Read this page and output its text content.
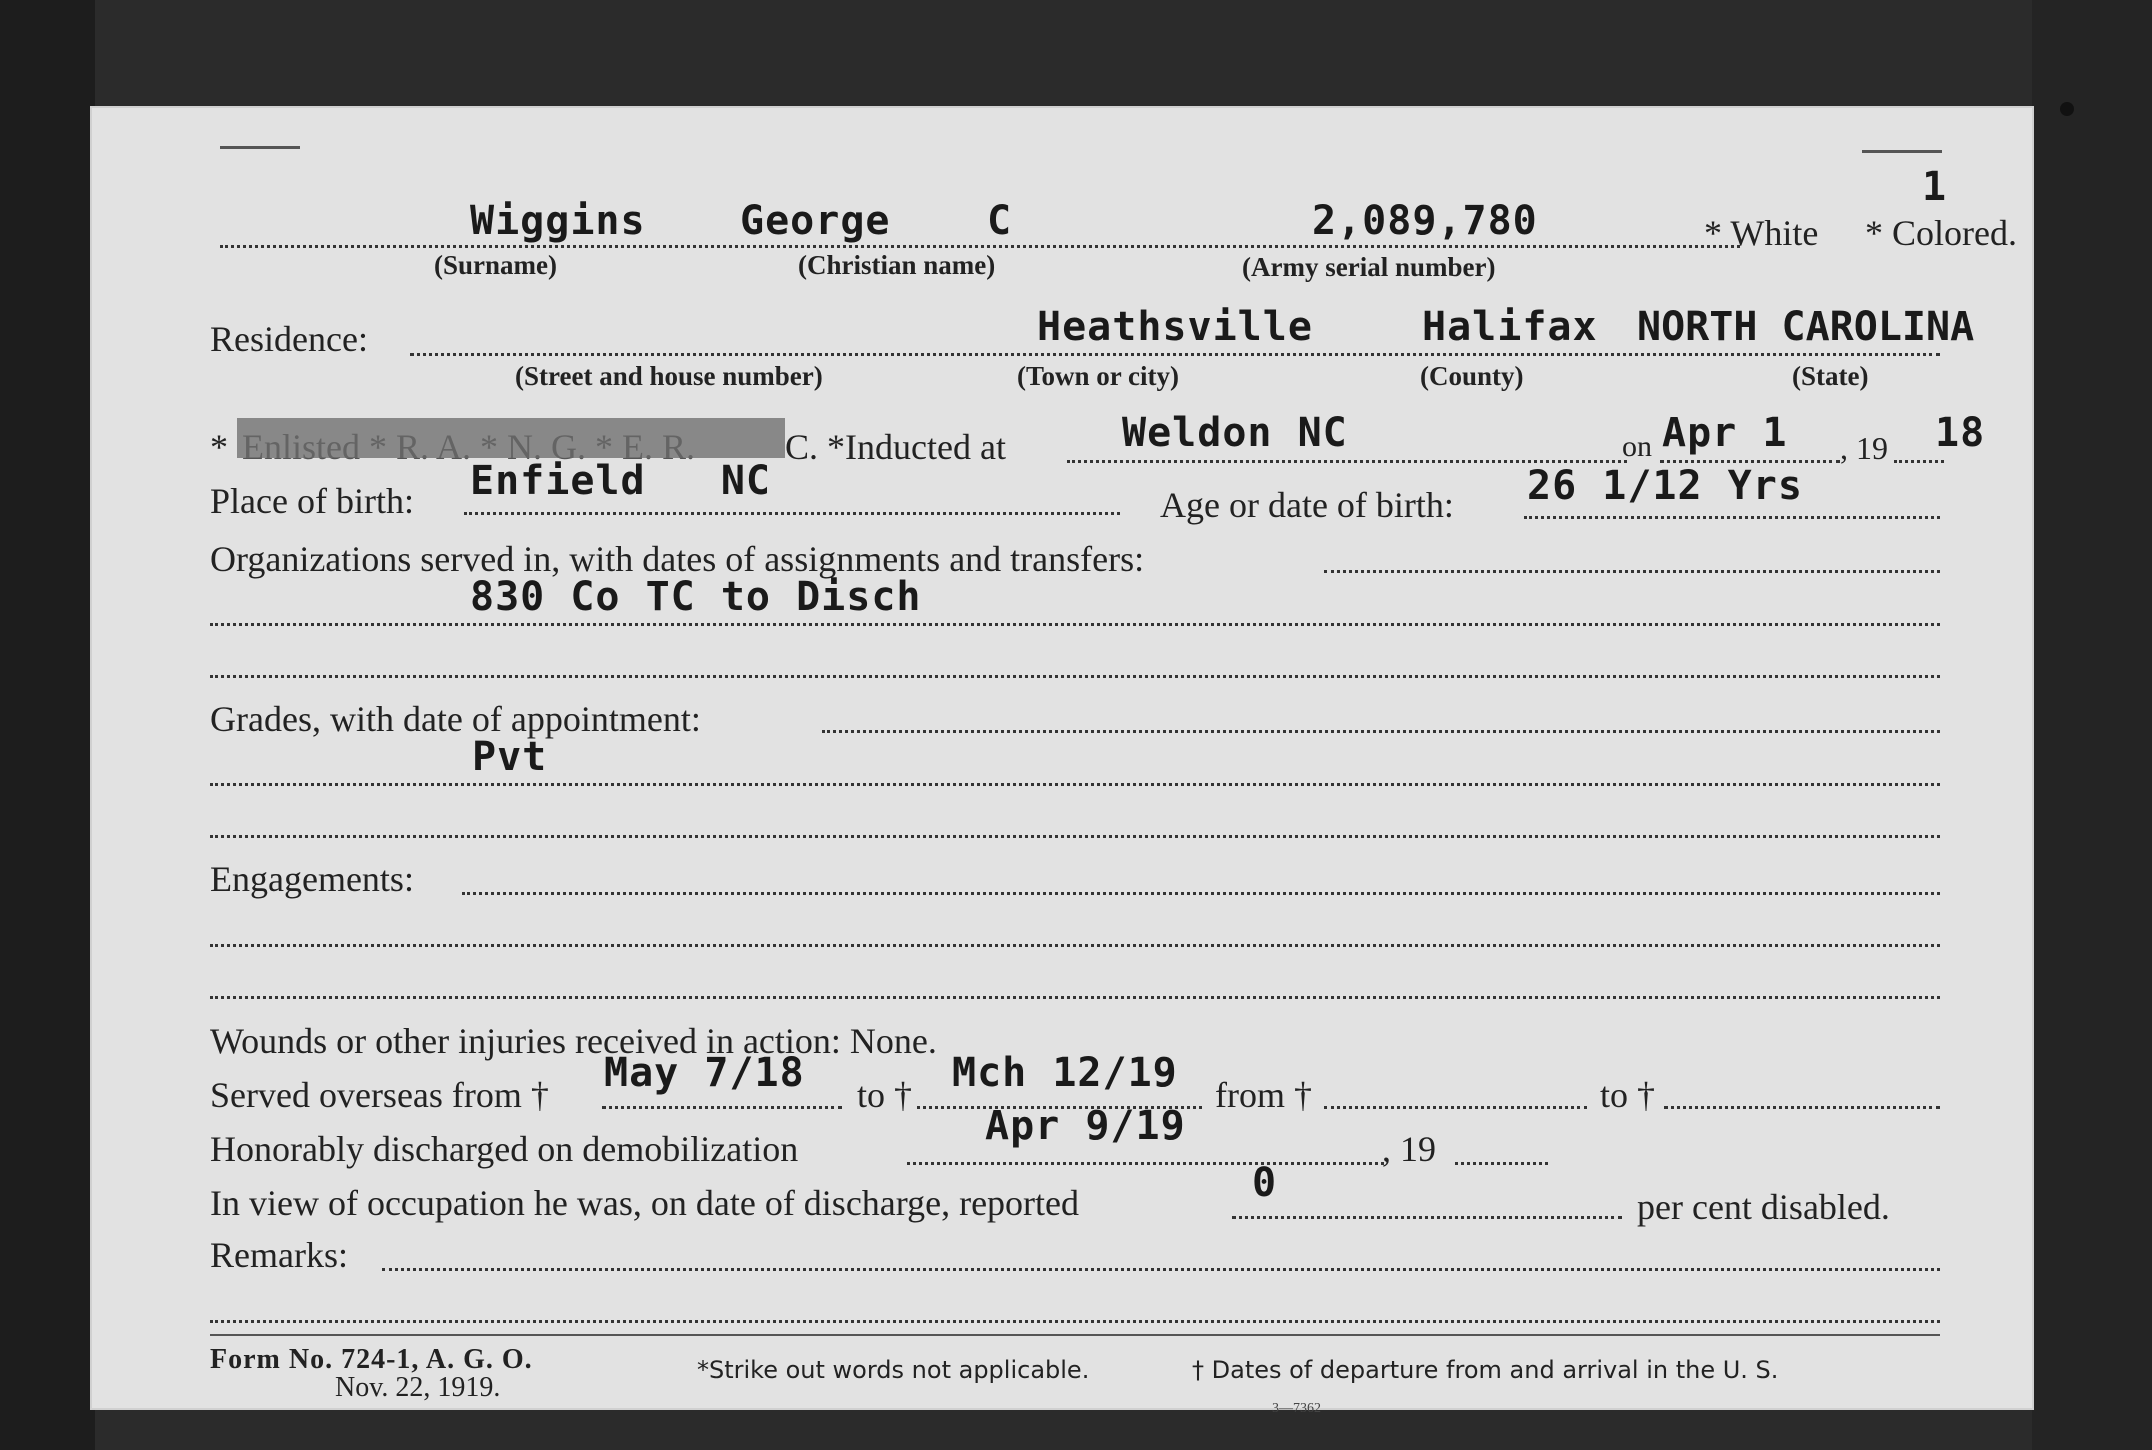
1
Wiggins George C	2,089,780	* White * Colored.
(Surname)	(Christian name)	(Army serial number)
Residence:	Heathsville	Halifax NORTH CAROLINA
(Street and house number)	(Town or city)	(County)	(State)
*	C. *Inducted at	Weldon NC	on Apr 1 , 19 18
Place of birth: Enfield   NC
Age or date of birth: 26 1/12 Yrs
Organizations served in, with dates of assignments and transfers:
830 Co TC to Disch
Grades, with date of appointment:
Pvt
Engagements:
Wounds or other injuries received in action: None.
Served overseas from † May 7/18 to † Mch 12/19 from †	to †
Honorably discharged on demobilization	Apr 9/19	, 19
In view of occupation he was, on date of discharge, reported	0
per cent disabled.
Remarks:
Form No. 724-1, A. G. O.
Nov. 22, 1919.
*Strike out words not applicable.	† Dates of departure from and arrival in the U. S.
3—7362
